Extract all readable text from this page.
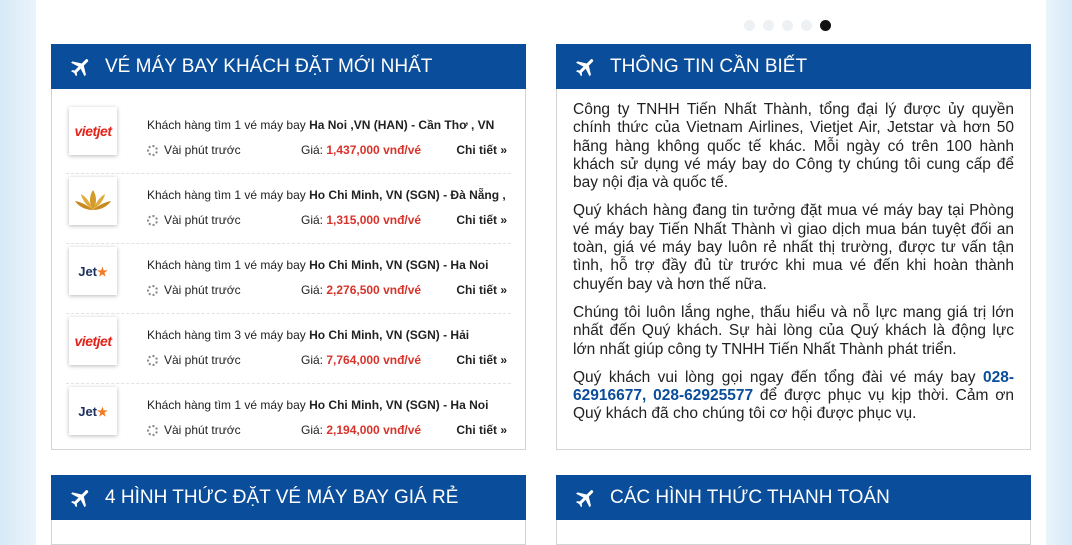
VÉ MÁY BAY KHÁCH ĐẶT MỚI NHẤT
vietjet	Khách hàng tìm 1 vé máy bay Ha Noi ,VN (HAN) - Cần Thơ , VN
Vài phút trước	Giá: 1,437,000 vnđ/vé	Chi tiết »
Khách hàng tìm 1 vé máy bay Ho Chi Minh, VN (SGN) - Đà Nẵng ,
Vài phút trước	Giá: 1,315,000 vnđ/vé	Chi tiết »
Jet★	Khách hàng tìm 1 vé máy bay Ho Chi Minh, VN (SGN) - Ha Noi
Vài phút trước	Giá: 2,276,500 vnđ/vé	Chi tiết »
vietjet	Khách hàng tìm 3 vé máy bay Ho Chi Minh, VN (SGN) - Hải
Vài phút trước	Giá: 7,764,000 vnđ/vé	Chi tiết »
Jet★	Khách hàng tìm 1 vé máy bay Ho Chi Minh, VN (SGN) - Ha Noi
Vài phút trước	Giá: 2,194,000 vnđ/vé	Chi tiết »
THÔNG TIN CẦN BIẾT

Công ty TNHH Tiến Nhất Thành, tổng đại lý được ủy quyền chính thức của Vietnam Airlines, Vietjet Air, Jetstar và hơn 50 hãng hàng không quốc tế khác. Mỗi ngày có trên 100 hành khách sử dụng vé máy bay do Công ty chúng tôi cung cấp để bay nội địa và quốc tế.

Quý khách hàng đang tin tưởng đặt mua vé máy bay tại Phòng vé máy bay Tiến Nhất Thành vì giao dịch mua bán tuyệt đối an toàn, giá vé máy bay luôn rẻ nhất thị trường, được tư vấn tận tình, hỗ trợ đầy đủ từ trước khi mua vé đến khi hoàn thành chuyến bay và hơn thế nữa.

Chúng tôi luôn lắng nghe, thấu hiểu và nỗ lực mang giá trị lớn nhất đến Quý khách. Sự hài lòng của Quý khách là động lực lớn nhất giúp công ty TNHH Tiến Nhất Thành phát triển.

Quý khách vui lòng gọi ngay đến tổng đài vé máy bay 028-62916677, 028-62925577 để được phục vụ kịp thời. Cảm ơn Quý khách đã cho chúng tôi cơ hội được phục vụ.

4 HÌNH THỨC ĐẶT VÉ MÁY BAY GIÁ RẺ	CÁC HÌNH THỨC THANH TOÁN
